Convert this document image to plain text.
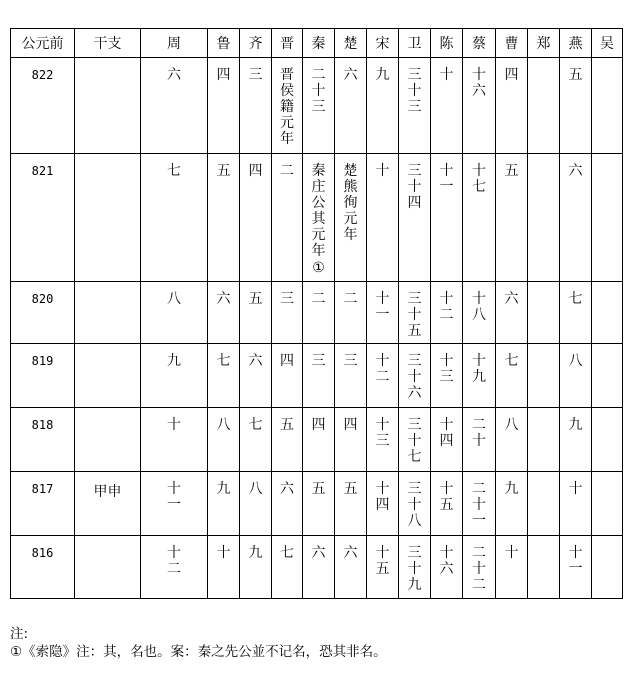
公元前	干支	周	鲁	齐	晋	秦	楚	宋	卫	陈	蔡	曹	郑	燕	吴
822		六	四	三	晋侯籍元年	二十三	六	九	三十三	十	十六	四		五	

821		七	五	四	二	秦庄公其元年①	楚熊徇元年	十	三十四	十一	十七	五		六	

820		八	六	五	三	二	二	十一	三十五	十二	十八	六		七	

819		九	七	六	四	三	三	十二	三十六	十三	十九	七		八	

818		十	八	七	五	四	四	十三	三十七	十四	二十	八		九	

817	甲申	十一	九	八	六	五	五	十四	三十八	十五	二十一	九		十	

816		十二	十	九	七	六	六	十五	三十九	十六	二十二	十		十一	

注:
①《索隐》注：其，名也。案：秦之先公並不记名，恐其非名。
